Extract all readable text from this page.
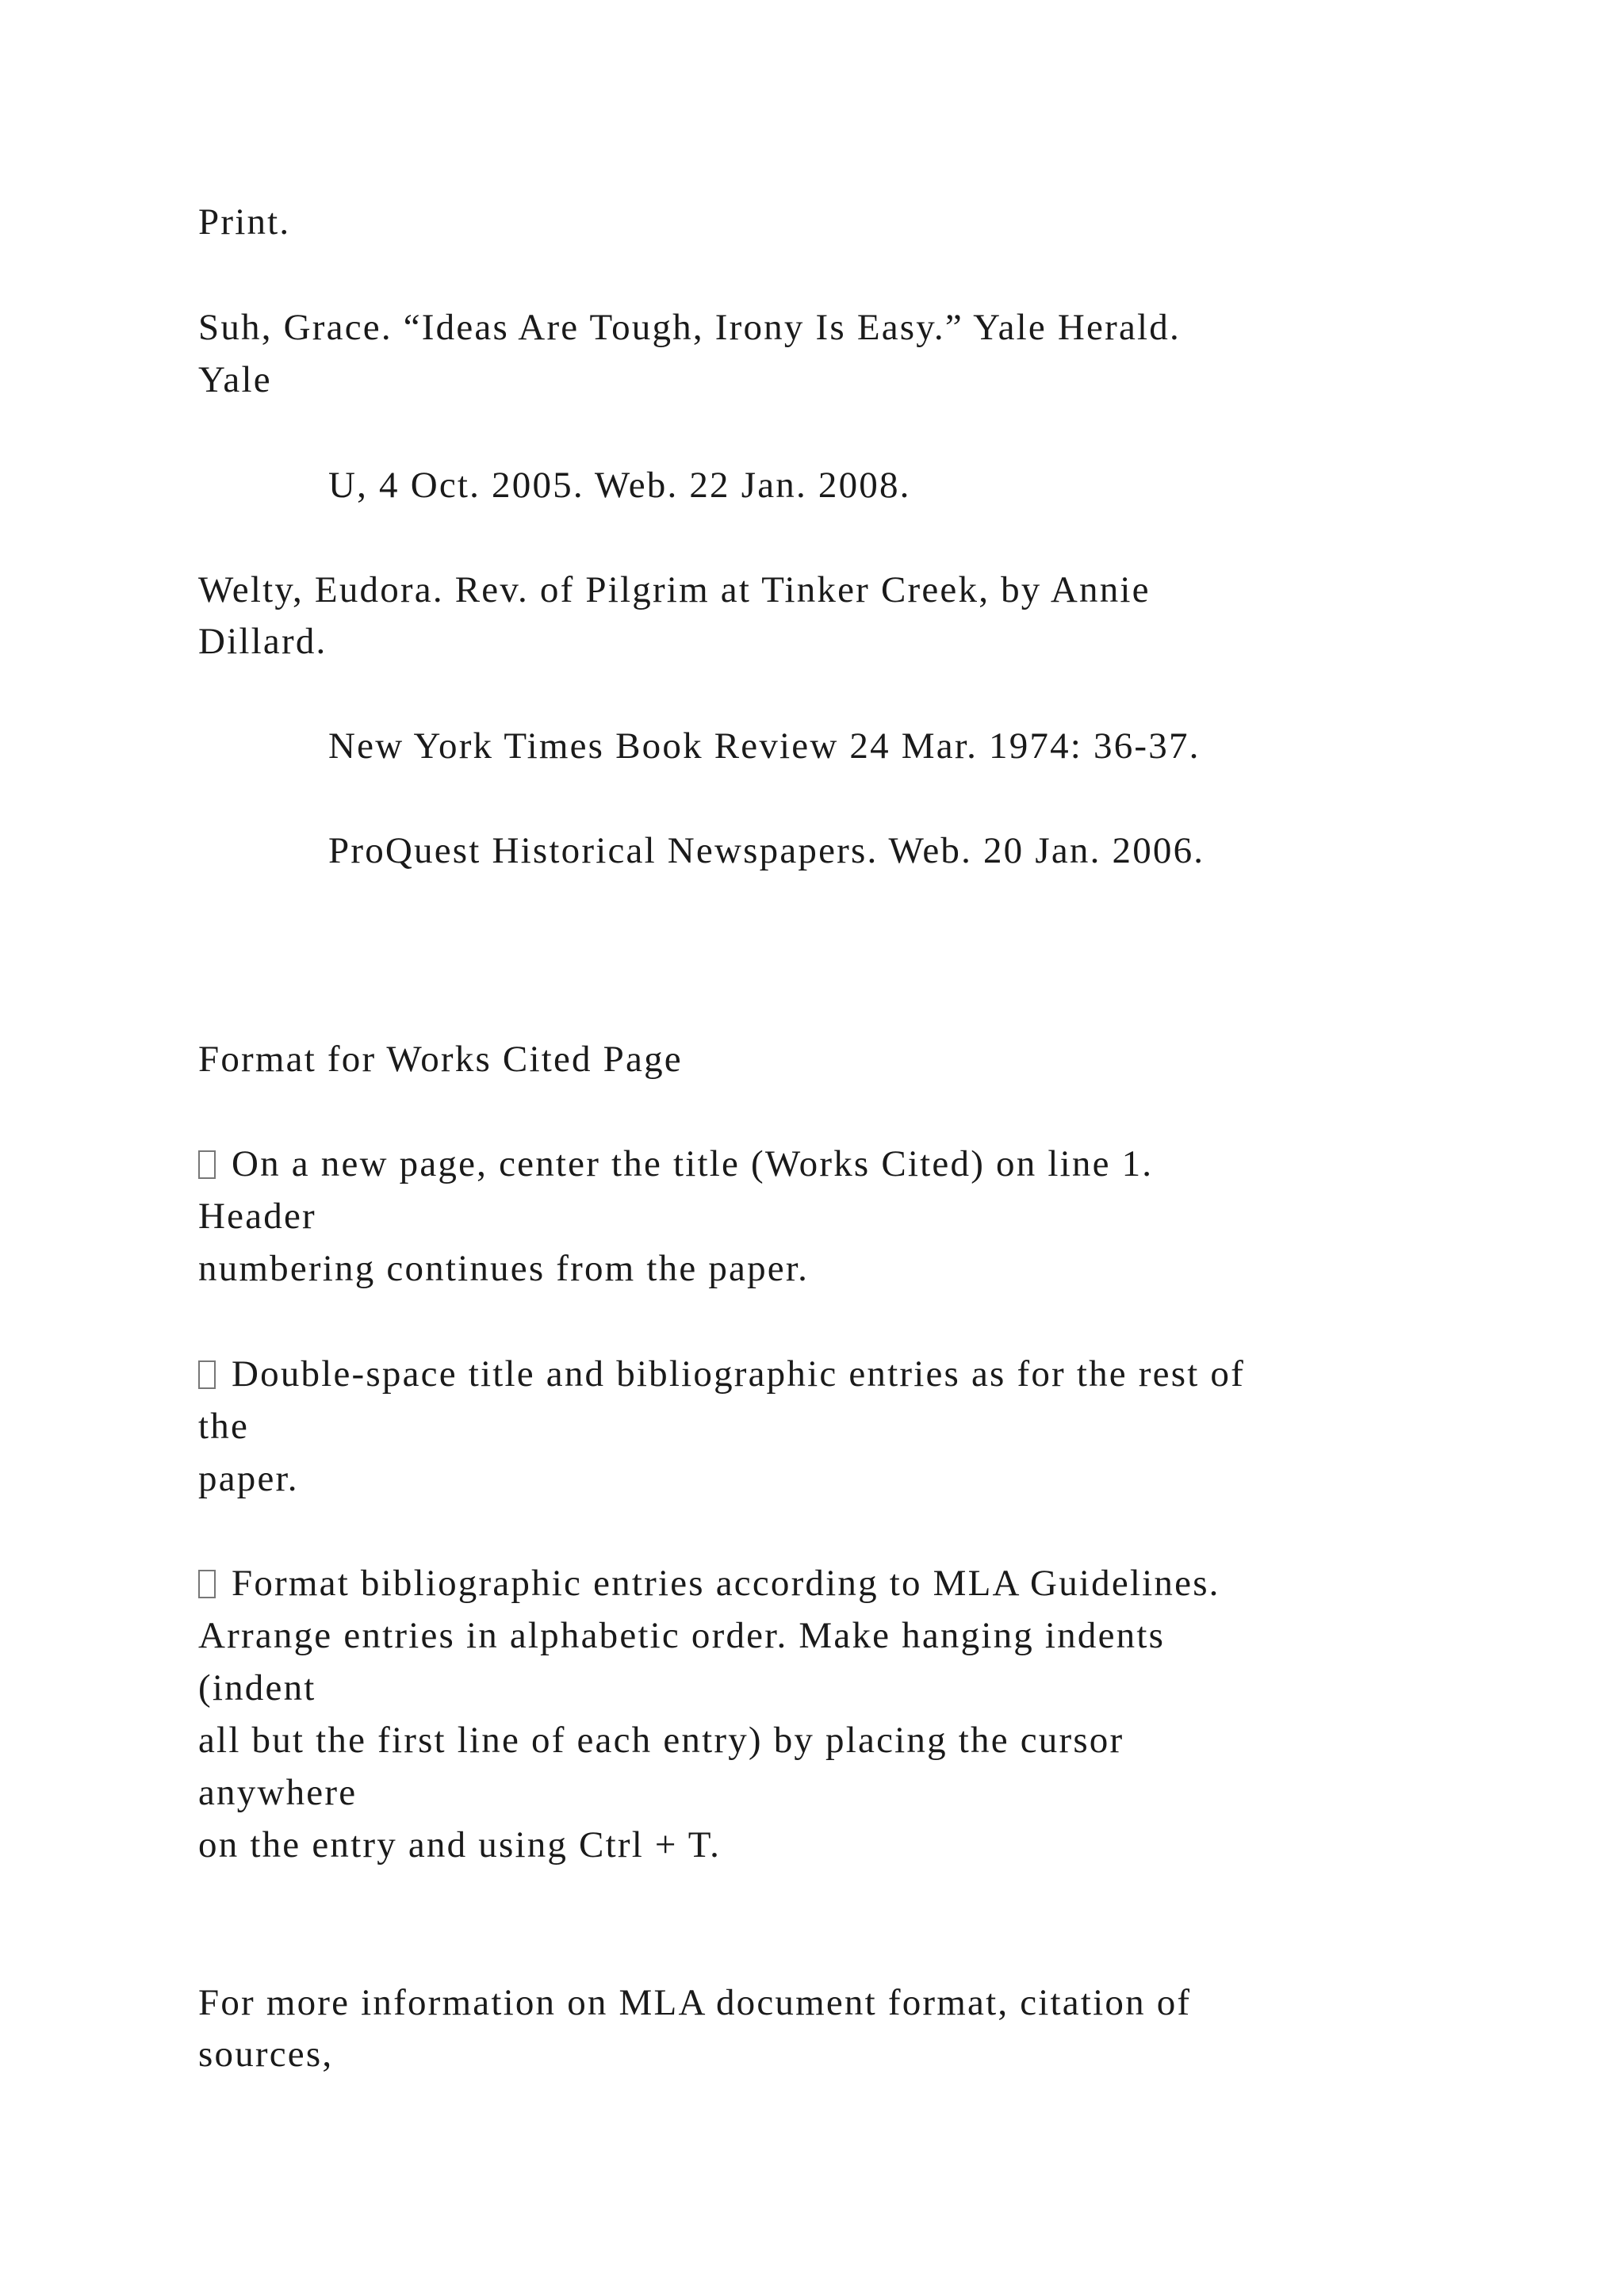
Print.

Suh, Grace. “Ideas Are Tough, Irony Is Easy.” Yale Herald.

Yale

U, 4 Oct. 2005. Web. 22 Jan. 2008.

Welty, Eudora. Rev. of Pilgrim at Tinker Creek, by Annie

Dillard.

New York Times Book Review 24 Mar. 1974: 36-37.

ProQuest Historical Newspapers. Web. 20 Jan. 2006.

Format for Works Cited Page

On a new page, center the title (Works Cited) on line 1.

Header

numbering continues from the paper.

Double-space title and bibliographic entries as for the rest of

the

paper.

Format bibliographic entries according to MLA Guidelines.

Arrange entries in alphabetic order. Make hanging indents

(indent

all but the first line of each entry) by placing the cursor

anywhere

on the entry and using Ctrl + T.

For more information on MLA document format, citation of

sources,
